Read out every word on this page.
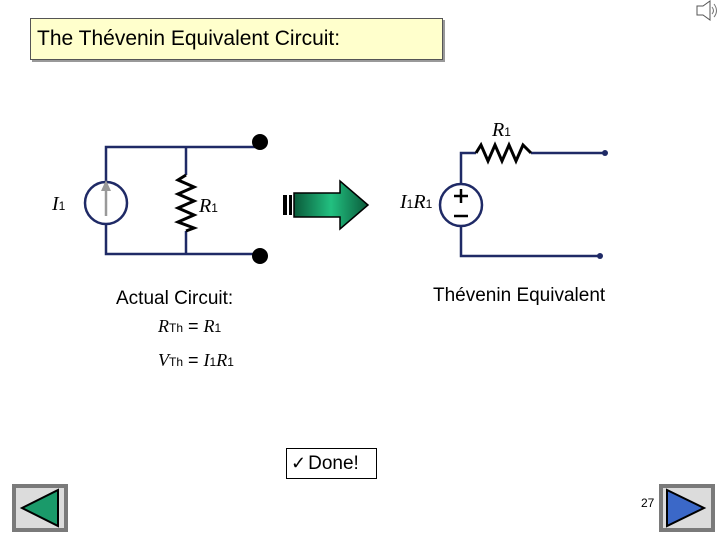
The Thévenin Equivalent Circuit:
I1	R1
R1
I1R1
Thévenin Equivalent
Actual Circuit:
RTh = R1
VTh = I1R1
✓ Done!
27
